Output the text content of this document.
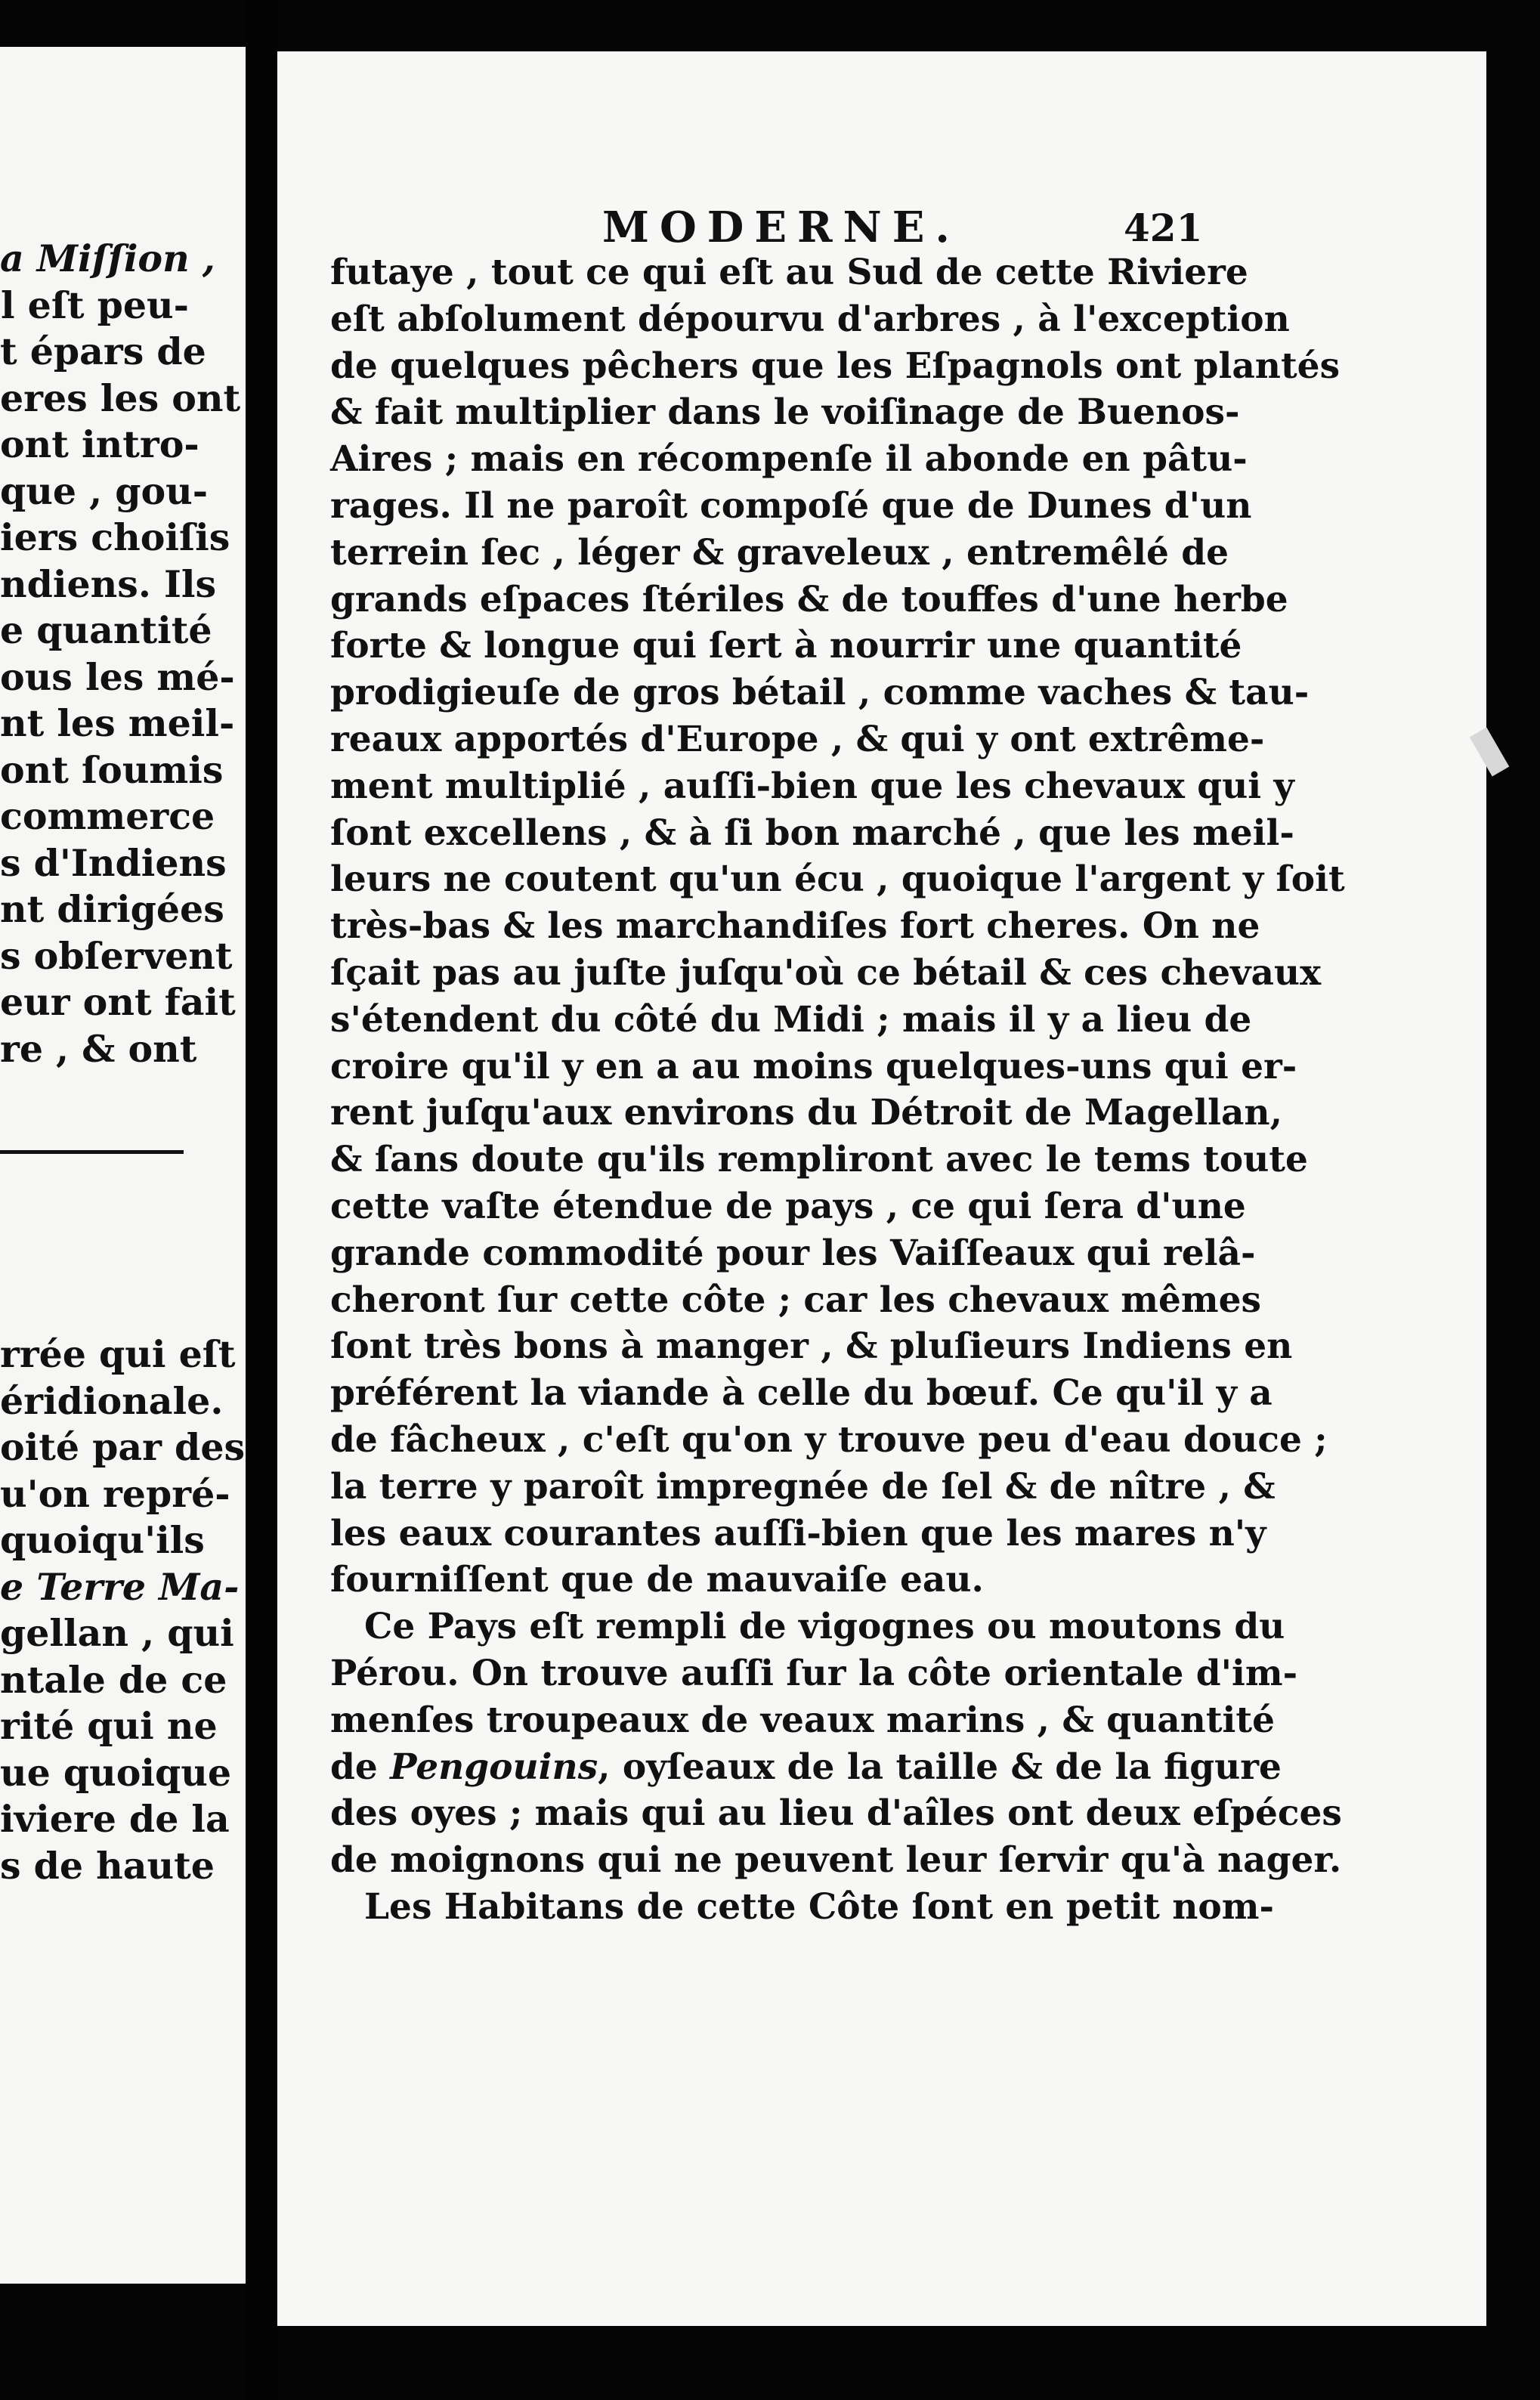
a Miſſion ,
l eſt peu-
t épars de
eres les ont
ont intro-
que , gou-
iers choiſis
ndiens. Ils
e quantité
ous les mé-
nt les meil-
ont ſoumis
commerce
s d'Indiens
nt dirigées
s obſervent
eur ont fait
re , & ont
rrée qui eſt
éridionale.
oité par des
u'on repré-
quoiqu'ils
e Terre Ma-
gellan , qui
ntale de ce
rité qui ne
ue quoique
iviere de la
s de haute
MODERNE.	421
futaye , tout ce qui eſt au Sud de cette Riviere
eſt abſolument dépourvu d'arbres , à l'exception
de quelques pêchers que les Eſpagnols ont plantés
& fait multiplier dans le voiſinage de Buenos-
Aires ; mais en récompenſe il abonde en pâtu-
rages. Il ne paroît compoſé que de Dunes d'un
terrein ſec , léger & graveleux , entremêlé de
grands eſpaces ſtériles & de touffes d'une herbe
forte & longue qui ſert à nourrir une quantité
prodigieuſe de gros bétail , comme vaches & tau-
reaux apportés d'Europe , & qui y ont extrême-
ment multiplié , auſſi-bien que les chevaux qui y
ſont excellens , & à ſi bon marché , que les meil-
leurs ne coutent qu'un écu , quoique l'argent y ſoit
très-bas & les marchandiſes fort cheres. On ne
ſçait pas au juſte juſqu'où ce bétail & ces chevaux
s'étendent du côté du Midi ; mais il y a lieu de
croire qu'il y en a au moins quelques-uns qui er-
rent juſqu'aux environs du Détroit de Magellan,
& ſans doute qu'ils rempliront avec le tems toute
cette vaſte étendue de pays , ce qui ſera d'une
grande commodité pour les Vaiſſeaux qui relâ-
cheront ſur cette côte ; car les chevaux mêmes
ſont très bons à manger , & pluſieurs Indiens en
préférent la viande à celle du bœuf. Ce qu'il y a
de fâcheux , c'eſt qu'on y trouve peu d'eau douce ;
la terre y paroît impregnée de ſel & de nître , &
les eaux courantes auſſi-bien que les mares n'y
fourniſſent que de mauvaiſe eau.
Ce Pays eſt rempli de vigognes ou moutons du
Pérou. On trouve auſſi ſur la côte orientale d'im-
menſes troupeaux de veaux marins , & quantité
de Pengouins, oyſeaux de la taille & de la figure
des oyes ; mais qui au lieu d'aîles ont deux eſpéces
de moignons qui ne peuvent leur ſervir qu'à nager.
Les Habitans de cette Côte ſont en petit nom-
